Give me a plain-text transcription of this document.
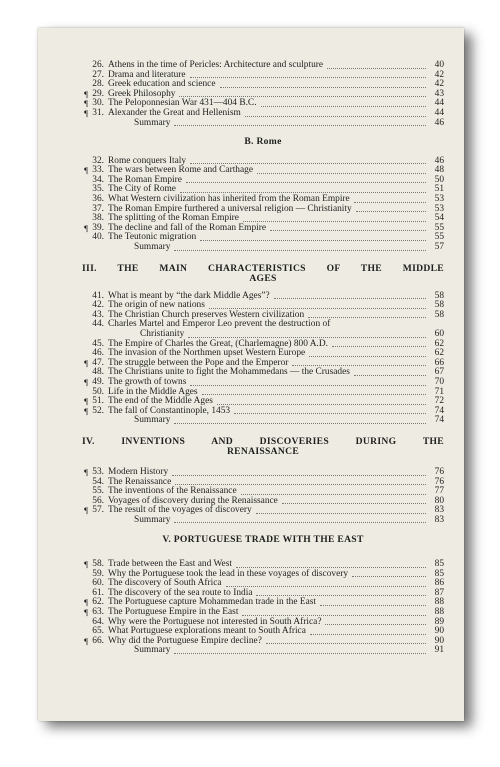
26. Athens in the time of Pericles: Architecture and sculpture	40
27. Drama and literature	42
28. Greek education and science	42
¶ 29. Greek Philosophy	43
¶ 30. The Peloponnesian War 431—404 B.C.	44
¶ 31. Alexander the Great and Hellenism	44
Summary	46
B. Rome
32. Rome conquers Italy	46
¶ 33. The wars between Rome and Carthage	48
34. The Roman Empire	50
35. The City of Rome	51
36. What Western civilization has inherited from the Roman Empire	53
37. The Roman Empire furthered a universal religion — Christianity	53
38. The splitting of the Roman Empire	54
¶ 39. The decline and fall of the Roman Empire	55
40. The Teutonic migration	55
Summary	57
III. THE MAIN CHARACTERISTICS OF THE MIDDLE
AGES
41. What is meant by “the dark Middle Ages”?	58
42. The origin of new nations	58
43. The Christian Church preserves Western civilization	58
44. Charles Martel and Emperor Leo prevent the destruction of
Christianity	60
45. The Empire of Charles the Great, (Charlemagne) 800 A.D.	62
46. The invasion of the Northmen upset Western Europe	62
¶ 47. The struggle between the Pope and the Emperor	66
48. The Christians unite to fight the Mohammedans — the Crusades	67
¶ 49. The growth of towns	70
50. Life in the Middle Ages	71
¶ 51. The end of the Middle Ages	72
¶ 52. The fall of Constantinople, 1453	74
Summary	74
IV. INVENTIONS AND DISCOVERIES DURING THE
RENAISSANCE
¶ 53. Modern History	76
54. The Renaissance	76
55. The inventions of the Renaissance	77
56. Voyages of discovery during the Renaissance	80
¶ 57. The result of the voyages of discovery	83
Summary	83
V. PORTUGUESE TRADE WITH THE EAST
¶ 58. Trade between the East and West	85
59. Why the Portuguese took the lead in these voyages of discovery	85
60. The discovery of South Africa	86
61. The discovery of the sea route to India	87
¶ 62. The Portuguese capture Mohammedan trade in the East	88
¶ 63. The Portuguese Empire in the East	88
64. Why were the Portuguese not interested in South Africa?	89
65. What Portuguese explorations meant to South Africa	90
¶ 66. Why did the Portuguese Empire decline?	90
Summary	91
